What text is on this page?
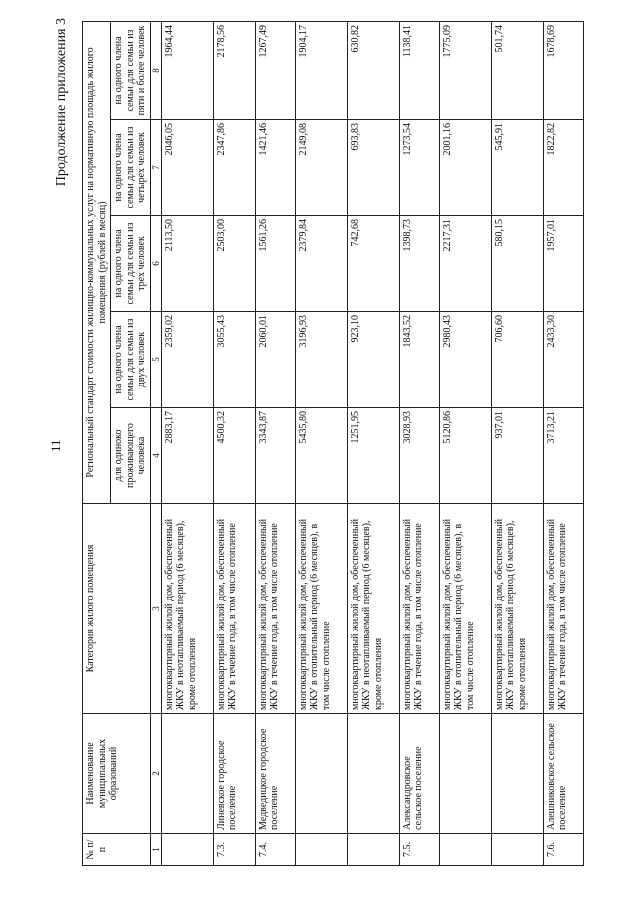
11
Продолжение приложения 3
№ п/п	Наименование муниципальных образований	Категория жилого помещения	Региональный стандарт стоимости жилищно-коммунальных услуг на нормативную площадь жилого помещения (рублей в месяц)				
			для одиноко проживающего человека	на одного члена семьи для семьи из двух человек	на одного члена семьи для семьи из трех человек	на одного члена семьи для семьи из четырех человек	на одного члена семьи для семьи из пяти и более человек
1	2	3	4	5	6	7	8
		многоквартирный жилой дом, обеспеченный ЖКУ в неотапливаемый период (6 месяцев), кроме отопления	2883,17	2359,02	2113,50	2046,05	1964,44
7.3.	Линевское городское поселение	многоквартирный жилой дом, обеспеченный ЖКУ в течение года, в том числе отопление	4500,32	3055,43	2503,00	2347,86	2178,56
7.4.	Медведицкое городское поселение	многоквартирный жилой дом, обеспеченный ЖКУ в течение года, в том числе отопление	3343,87	2060,01	1561,26	1421,46	1267,49
		многоквартирный жилой дом, обеспеченный ЖКУ в отопительный период (6 месяцев), в том числе отопление	5435,80	3196,93	2379,84	2149,08	1904,17
		многоквартирный жилой дом, обеспеченный ЖКУ в неотапливаемый период (6 месяцев), кроме отопления	1251,95	923,10	742,68	693,83	630,82
7.5.	Александровское сельское поселение	многоквартирный жилой дом, обеспеченный ЖКУ в течение года, в том числе отопление	3028,93	1843,52	1398,73	1273,54	1138,41
		многоквартирный жилой дом, обеспеченный ЖКУ в отопительный период (6 месяцев), в том числе отопление	5120,86	2980,43	2217,31	2001,16	1775,09
		многоквартирный жилой дом, обеспеченный ЖКУ в неотапливаемый период (6 месяцев), кроме отопления	937,01	706,60	580,15	545,91	501,74
7.6.	Алешниковское сельское поселение	многоквартирный жилой дом, обеспеченный ЖКУ в течение года, в том числе отопление	3713,21	2433,30	1957,01	1822,82	1678,69
